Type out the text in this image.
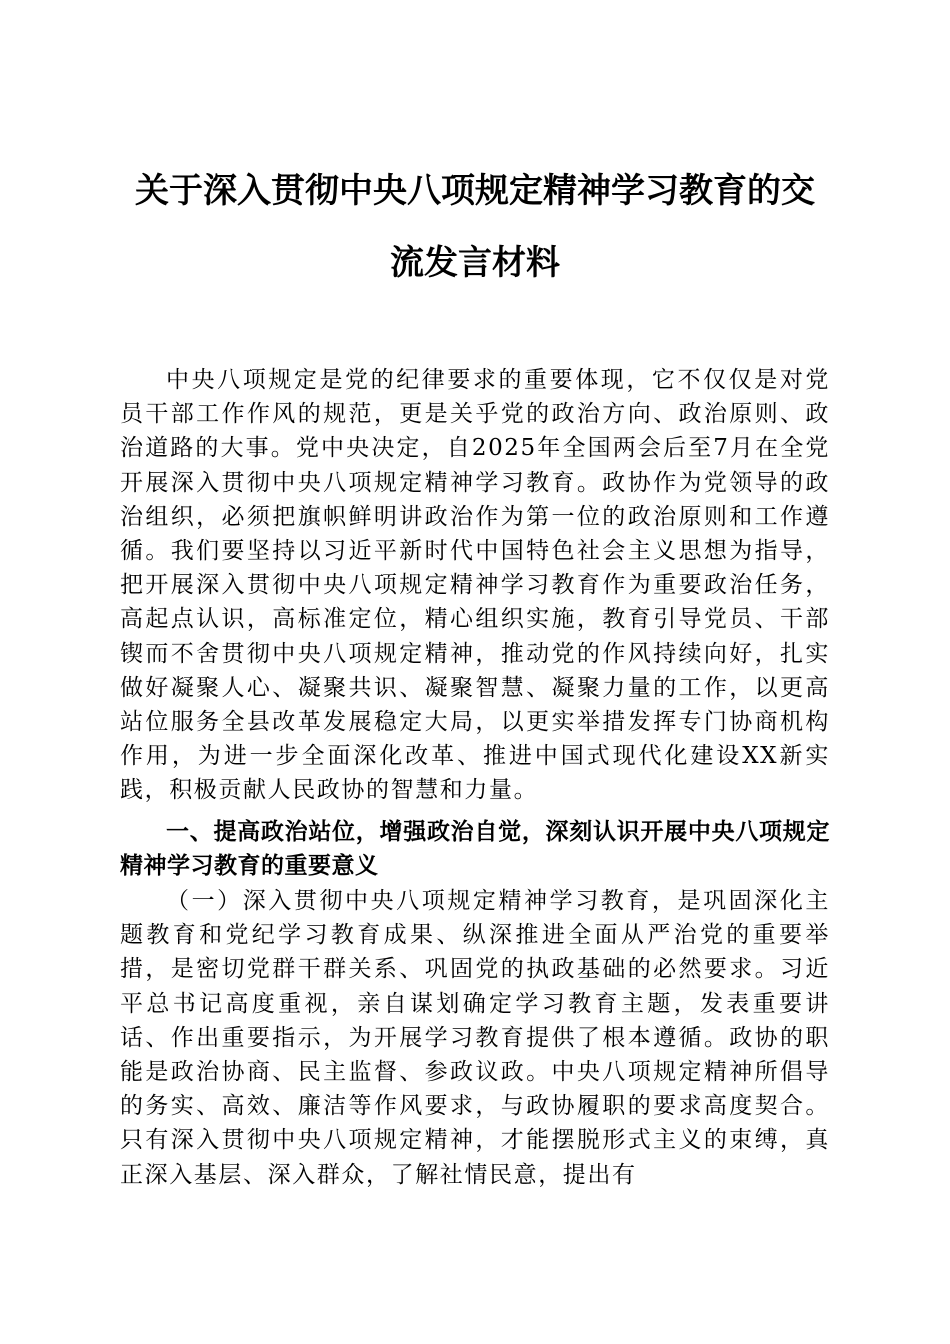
关于深入贯彻中央八项规定精神学习教育的交
流发言材料

中央八项规定是党的纪律要求的重要体现，它不仅仅是对党员干部工作作风的规范，更是关乎党的政治方向、政治原则、政治道路的大事。党中央决定，自2025年全国两会后至7月在全党开展深入贯彻中央八项规定精神学习教育。政协作为党领导的政治组织，必须把旗帜鲜明讲政治作为第一位的政治原则和工作遵循。我们要坚持以习近平新时代中国特色社会主义思想为指导，把开展深入贯彻中央八项规定精神学习教育作为重要政治任务，高起点认识，高标准定位，精心组织实施，教育引导党员、干部锲而不舍贯彻中央八项规定精神，推动党的作风持续向好，扎实做好凝聚人心、凝聚共识、凝聚智慧、凝聚力量的工作，以更高站位服务全县改革发展稳定大局，以更实举措发挥专门协商机构作用，为进一步全面深化改革、推进中国式现代化建设XX新实践，积极贡献人民政协的智慧和力量。

一、提高政治站位，增强政治自觉，深刻认识开展中央八项规定精神学习教育的重要意义

（一）深入贯彻中央八项规定精神学习教育，是巩固深化主题教育和党纪学习教育成果、纵深推进全面从严治党的重要举措，是密切党群干群关系、巩固党的执政基础的必然要求。习近平总书记高度重视，亲自谋划确定学习教育主题，发表重要讲话、作出重要指示，为开展学习教育提供了根本遵循。政协的职能是政治协商、民主监督、参政议政。中央八项规定精神所倡导的务实、高效、廉洁等作风要求，与政协履职的要求高度契合。只有深入贯彻中央八项规定精神，才能摆脱形式主义的束缚，真正深入基层、深入群众，了解社情民意，提出有
